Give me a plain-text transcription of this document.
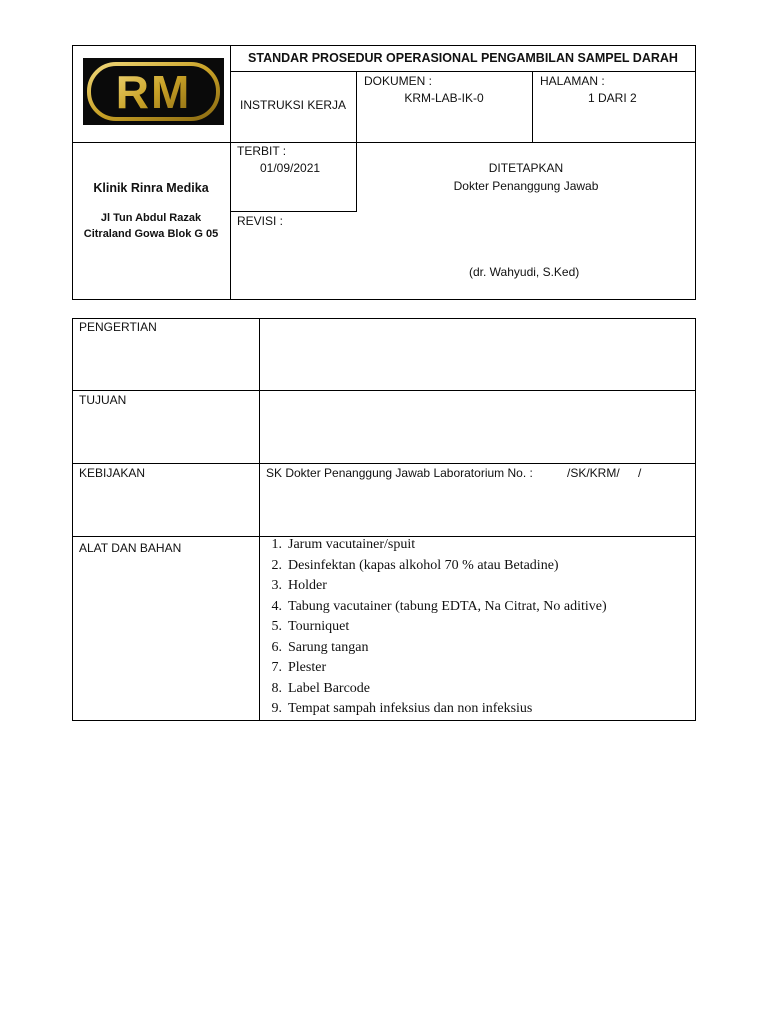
RM
STANDAR PROSEDUR OPERASIONAL PENGAMBILAN SAMPEL DARAH
INSTRUKSI KERJA
DOKUMEN :
KRM-LAB-IK-0
HALAMAN :
1 DARI 2
Klinik Rinra Medika
Jl Tun Abdul Razak
Citraland Gowa Blok G 05
TERBIT :
01/09/2021
REVISI :
DITETAPKAN
Dokter Penanggung Jawab
(dr. Wahyudi, S.Ked)
PENGERTIAN
TUJUAN
KEBIJAKAN
ALAT DAN BAHAN
SK Dokter Penanggung Jawab Laboratorium No. :	/SK/KRM/ /
1. Jarum vacutainer/spuit
2. Desinfektan (kapas alkohol 70 % atau Betadine)
3. Holder
4. Tabung vacutainer (tabung EDTA, Na Citrat, No aditive)
5. Tourniquet
6. Sarung tangan
7. Plester
8. Label Barcode
9. Tempat sampah infeksius dan non infeksius
